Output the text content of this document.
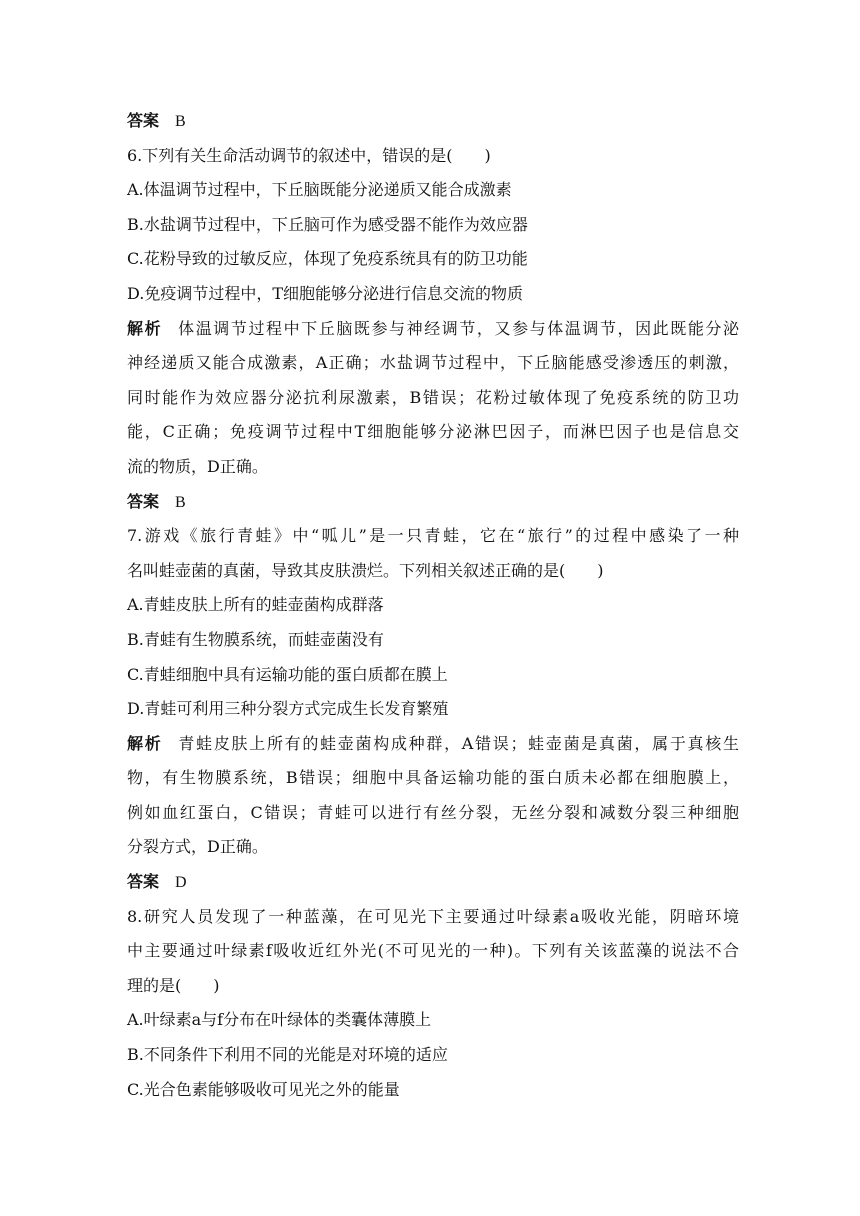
答案 B
6.下列有关生命活动调节的叙述中，错误的是(　　)
A.体温调节过程中，下丘脑既能分泌递质又能合成激素
B.水盐调节过程中，下丘脑可作为感受器不能作为效应器
C.花粉导致的过敏反应，体现了免疫系统具有的防卫功能
D.免疫调节过程中，T细胞能够分泌进行信息交流的物质
解析 体温调节过程中下丘脑既参与神经调节，又参与体温调节，因此既能分泌
神经递质又能合成激素，A正确；水盐调节过程中，下丘脑能感受渗透压的刺激，
同时能作为效应器分泌抗利尿激素，B错误；花粉过敏体现了免疫系统的防卫功
能，C正确；免疫调节过程中T细胞能够分泌淋巴因子，而淋巴因子也是信息交
流的物质，D正确。
答案 B
7.游戏《旅行青蛙》中“呱儿”是一只青蛙，它在“旅行”的过程中感染了一种
名叫蛙壶菌的真菌，导致其皮肤溃烂。下列相关叙述正确的是(　　)
A.青蛙皮肤上所有的蛙壶菌构成群落
B.青蛙有生物膜系统，而蛙壶菌没有
C.青蛙细胞中具有运输功能的蛋白质都在膜上
D.青蛙可利用三种分裂方式完成生长发育繁殖
解析 青蛙皮肤上所有的蛙壶菌构成种群，A错误；蛙壶菌是真菌，属于真核生
物，有生物膜系统，B错误；细胞中具备运输功能的蛋白质未必都在细胞膜上，
例如血红蛋白，C错误；青蛙可以进行有丝分裂，无丝分裂和减数分裂三种细胞
分裂方式，D正确。
答案 D
8.研究人员发现了一种蓝藻，在可见光下主要通过叶绿素a吸收光能，阴暗环境
中主要通过叶绿素f吸收近红外光(不可见光的一种)。下列有关该蓝藻的说法不合
理的是(　　)
A.叶绿素a与f分布在叶绿体的类囊体薄膜上
B.不同条件下利用不同的光能是对环境的适应
C.光合色素能够吸收可见光之外的能量
